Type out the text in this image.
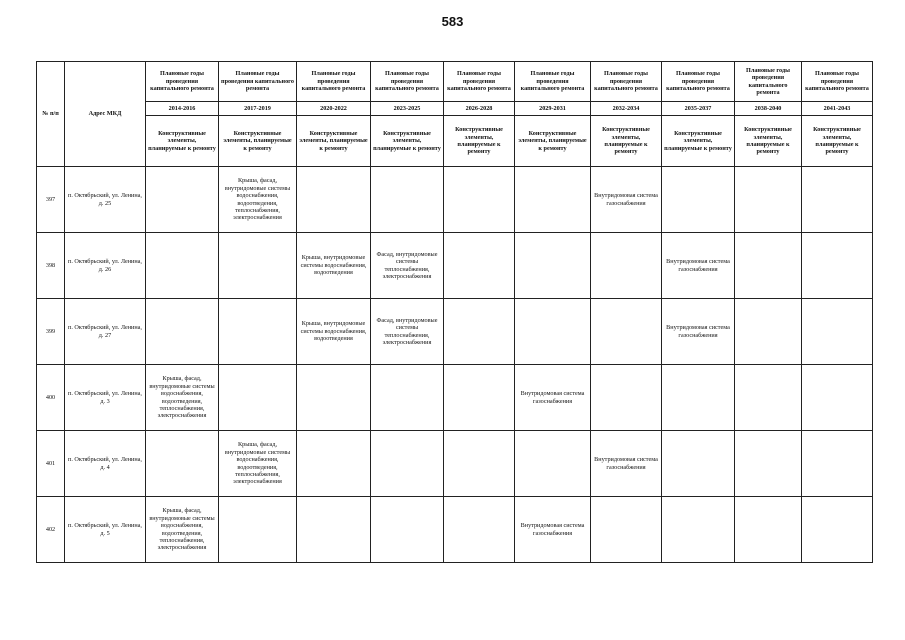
583
№ п/п	Адрес МКД	Плановые годы проведения капитального ремонта	Плановые годы проведения капитального ремонта	Плановые годы проведения капитального ремонта	Плановые годы проведения капитального ремонта	Плановые годы проведения капитального ремонта	Плановые годы проведения капитального ремонта	Плановые годы проведения капитального ремонта	Плановые годы проведения капитального ремонта	Плановые годы проведения капитального ремонта	Плановые годы проведения капитального ремонта
		2014-2016	2017-2019	2020-2022	2023-2025	2026-2028	2029-2031	2032-2034	2035-2037	2038-2040	2041-2043
		Конструктивные элементы, планируемые к ремонту	Конструктивные элементы, планируемые к ремонту	Конструктивные элементы, планируемые к ремонту	Конструктивные элементы, планируемые к ремонту	Конструктивные элементы, планируемые к ремонту	Конструктивные элементы, планируемые к ремонту	Конструктивные элементы, планируемые к ремонту	Конструктивные элементы, планируемые к ремонту	Конструктивные элементы, планируемые к ремонту	Конструктивные элементы, планируемые к ремонту
397	п. Октябрьский, ул. Ленина, д. 25		Крыша, фасад, внутридомовые системы водоснабжения, водоотведения, теплоснабжения, электроснабжения					Внутридомовая система газоснабжения			
398	п. Октябрьский, ул. Ленина, д. 26			Крыша, внутридомовые системы водоснабжения, водоотведения	Фасад, внутридомовые системы теплоснабжения, электроснабжения				Внутридомовая система газоснабжения		
399	п. Октябрьский, ул. Ленина, д. 27			Крыша, внутридомовые системы водоснабжения, водоотведения	Фасад, внутридомовые системы теплоснабжения, электроснабжения				Внутридомовая система газоснабжения		
400	п. Октябрьский, ул. Ленина, д. 3	Крыша, фасад, внутридомовые системы водоснабжения, водоотведения, теплоснабжения, электроснабжения					Внутридомовая система газоснабжения				
401	п. Октябрьский, ул. Ленина, д. 4		Крыша, фасад, внутридомовые системы водоснабжения, водоотведения, теплоснабжения, электроснабжения					Внутридомовая система газоснабжения			
402	п. Октябрьский, ул. Ленина, д. 5	Крыша, фасад, внутридомовые системы водоснабжения, водоотведения, теплоснабжения, электроснабжения					Внутридомовая система газоснабжения				
